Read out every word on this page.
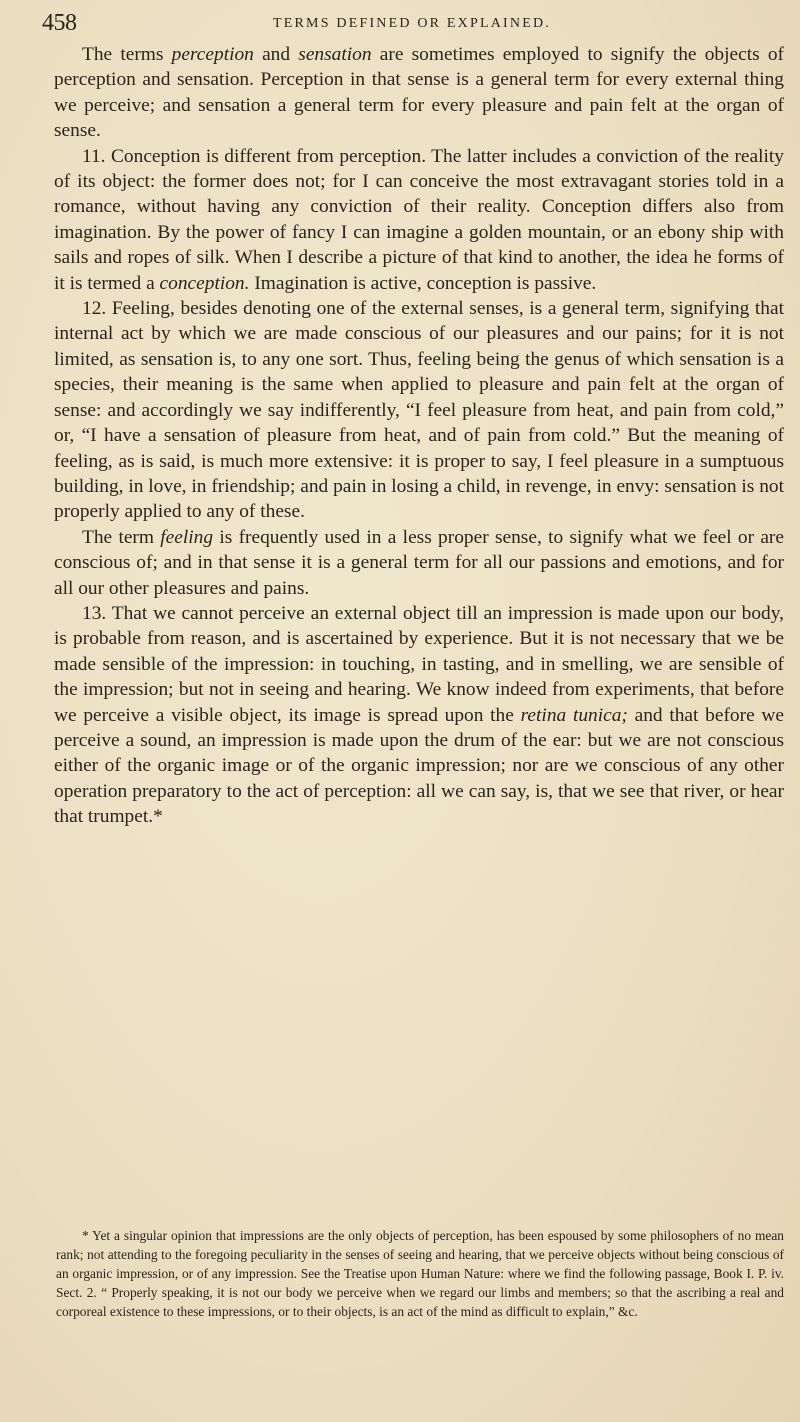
458	TERMS DEFINED OR EXPLAINED.

The terms perception and sensation are sometimes employed to signify the objects of perception and sensation. Perception in that sense is a general term for every external thing we perceive; and sensation a general term for every pleasure and pain felt at the organ of sense.

11. Conception is different from perception. The latter includes a conviction of the reality of its object: the former does not; for I can conceive the most extravagant stories told in a romance, without having any conviction of their reality. Conception differs also from imagination. By the power of fancy I can imagine a golden mountain, or an ebony ship with sails and ropes of silk. When I describe a picture of that kind to another, the idea he forms of it is termed a conception. Imagination is active, conception is passive.

12. Feeling, besides denoting one of the external senses, is a general term, signifying that internal act by which we are made conscious of our pleasures and our pains; for it is not limited, as sensation is, to any one sort. Thus, feeling being the genus of which sensation is a species, their meaning is the same when applied to pleasure and pain felt at the organ of sense: and accordingly we say indifferently, “I feel pleasure from heat, and pain from cold,” or, “I have a sensation of pleasure from heat, and of pain from cold.” But the meaning of feeling, as is said, is much more extensive: it is proper to say, I feel pleasure in a sumptuous building, in love, in friendship; and pain in losing a child, in revenge, in envy: sensation is not properly applied to any of these.

The term feeling is frequently used in a less proper sense, to signify what we feel or are conscious of; and in that sense it is a general term for all our passions and emotions, and for all our other pleasures and pains.

13. That we cannot perceive an external object till an impression is made upon our body, is probable from reason, and is ascertained by experience. But it is not necessary that we be made sensible of the impression: in touching, in tasting, and in smelling, we are sensible of the impression; but not in seeing and hearing. We know indeed from experiments, that before we perceive a visible object, its image is spread upon the retina tunica; and that before we perceive a sound, an impression is made upon the drum of the ear: but we are not conscious either of the organic image or of the organic impression; nor are we conscious of any other operation preparatory to the act of perception: all we can say, is, that we see that river, or hear that trumpet.*

* Yet a singular opinion that impressions are the only objects of perception, has been espoused by some philosophers of no mean rank; not attending to the foregoing peculiarity in the senses of seeing and hearing, that we perceive objects without being conscious of an organic impression, or of any impression. See the Treatise upon Human Nature: where we find the following passage, Book I. P. iv. Sect. 2. “ Properly speaking, it is not our body we perceive when we regard our limbs and members; so that the ascribing a real and corporeal existence to these impressions, or to their objects, is an act of the mind as difficult to explain,” &c.
